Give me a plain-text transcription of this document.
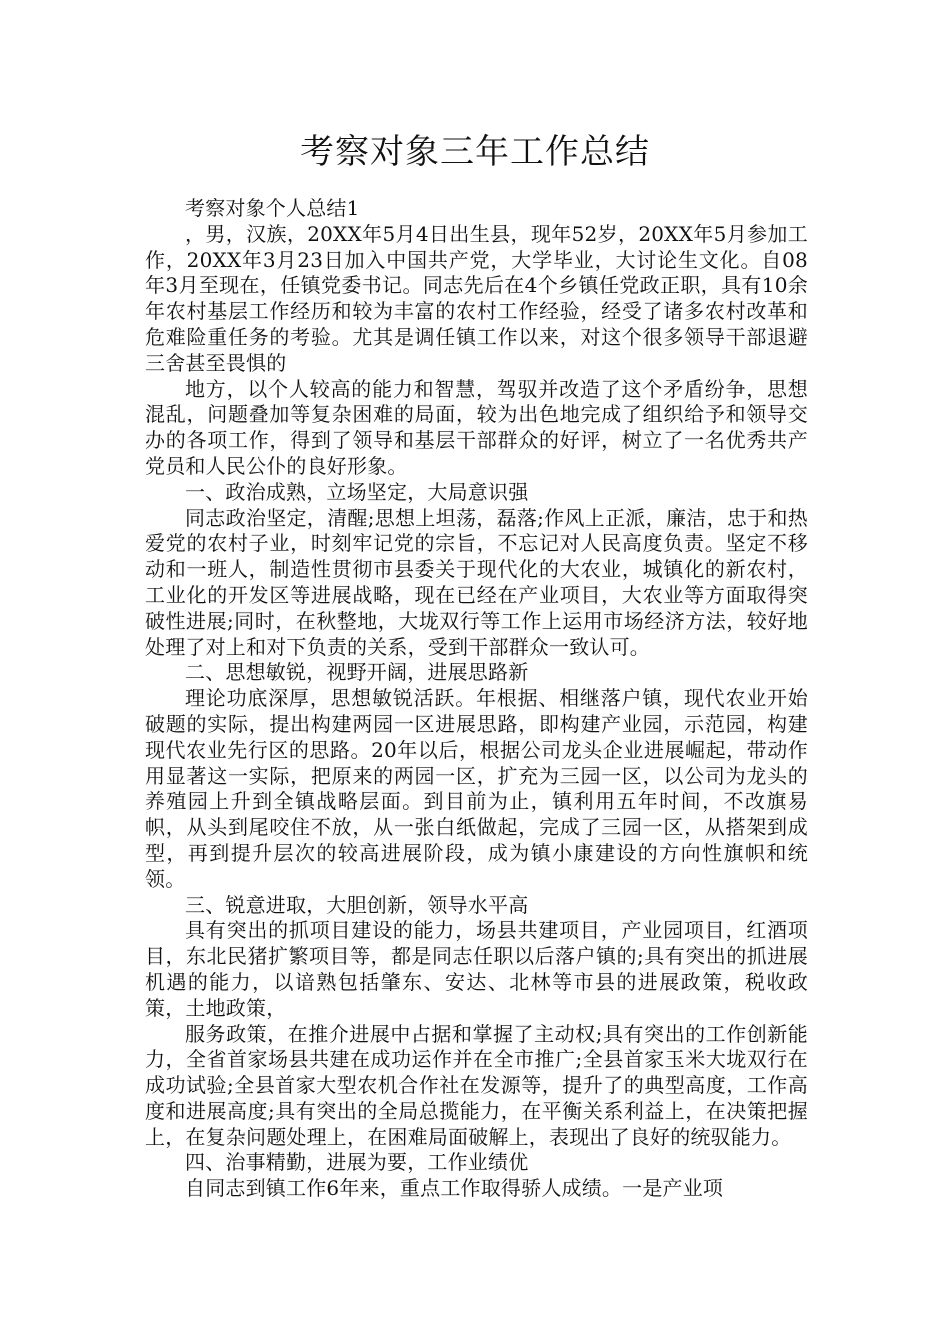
考察对象三年工作总结

考察对象个人总结1

，男，汉族，20XX年5月4日出生县，现年52岁，20XX年5月参加工作，20XX年3月23日加入中国共产党，大学毕业，大讨论生文化。自08年3月至现在，任镇党委书记。同志先后在4个乡镇任党政正职，具有10余年农村基层工作经历和较为丰富的农村工作经验，经受了诸多农村改革和危难险重任务的考验。尤其是调任镇工作以来，对这个很多领导干部退避三舍甚至畏惧的

地方，以个人较高的能力和智慧，驾驭并改造了这个矛盾纷争，思想混乱，问题叠加等复杂困难的局面，较为出色地完成了组织给予和领导交办的各项工作，得到了领导和基层干部群众的好评，树立了一名优秀共产党员和人民公仆的良好形象。

一、政治成熟，立场坚定，大局意识强

同志政治坚定，清醒;思想上坦荡，磊落;作风上正派，廉洁，忠于和热爱党的农村子业，时刻牢记党的宗旨，不忘记对人民高度负责。坚定不移动和一班人，制造性贯彻市县委关于现代化的大农业，城镇化的新农村，工业化的开发区等进展战略，现在已经在产业项目，大农业等方面取得突破性进展;同时，在秋整地，大垅双行等工作上运用市场经济方法，较好地处理了对上和对下负责的关系，受到干部群众一致认可。

二、思想敏锐，视野开阔，进展思路新

理论功底深厚，思想敏锐活跃。年根据、相继落户镇，现代农业开始破题的实际，提出构建两园一区进展思路，即构建产业园，示范园，构建现代农业先行区的思路。20年以后，根据公司龙头企业进展崛起，带动作用显著这一实际，把原来的两园一区，扩充为三园一区，以公司为龙头的养殖园上升到全镇战略层面。到目前为止，镇利用五年时间，不改旗易帜，从头到尾咬住不放，从一张白纸做起，完成了三园一区，从搭架到成型，再到提升层次的较高进展阶段，成为镇小康建设的方向性旗帜和统领。

三、锐意进取，大胆创新，领导水平高

具有突出的抓项目建设的能力，场县共建项目，产业园项目，红酒项目，东北民猪扩繁项目等，都是同志任职以后落户镇的;具有突出的抓进展机遇的能力，以谙熟包括肇东、安达、北林等市县的进展政策，税收政策，土地政策，

服务政策，在推介进展中占据和掌握了主动权;具有突出的工作创新能力，全省首家场县共建在成功运作并在全市推广;全县首家玉米大垅双行在成功试验;全县首家大型农机合作社在发源等，提升了的典型高度，工作高度和进展高度;具有突出的全局总揽能力，在平衡关系利益上，在决策把握上，在复杂问题处理上，在困难局面破解上，表现出了良好的统驭能力。

四、治事精勤，进展为要，工作业绩优

自同志到镇工作6年来，重点工作取得骄人成绩。一是产业项
